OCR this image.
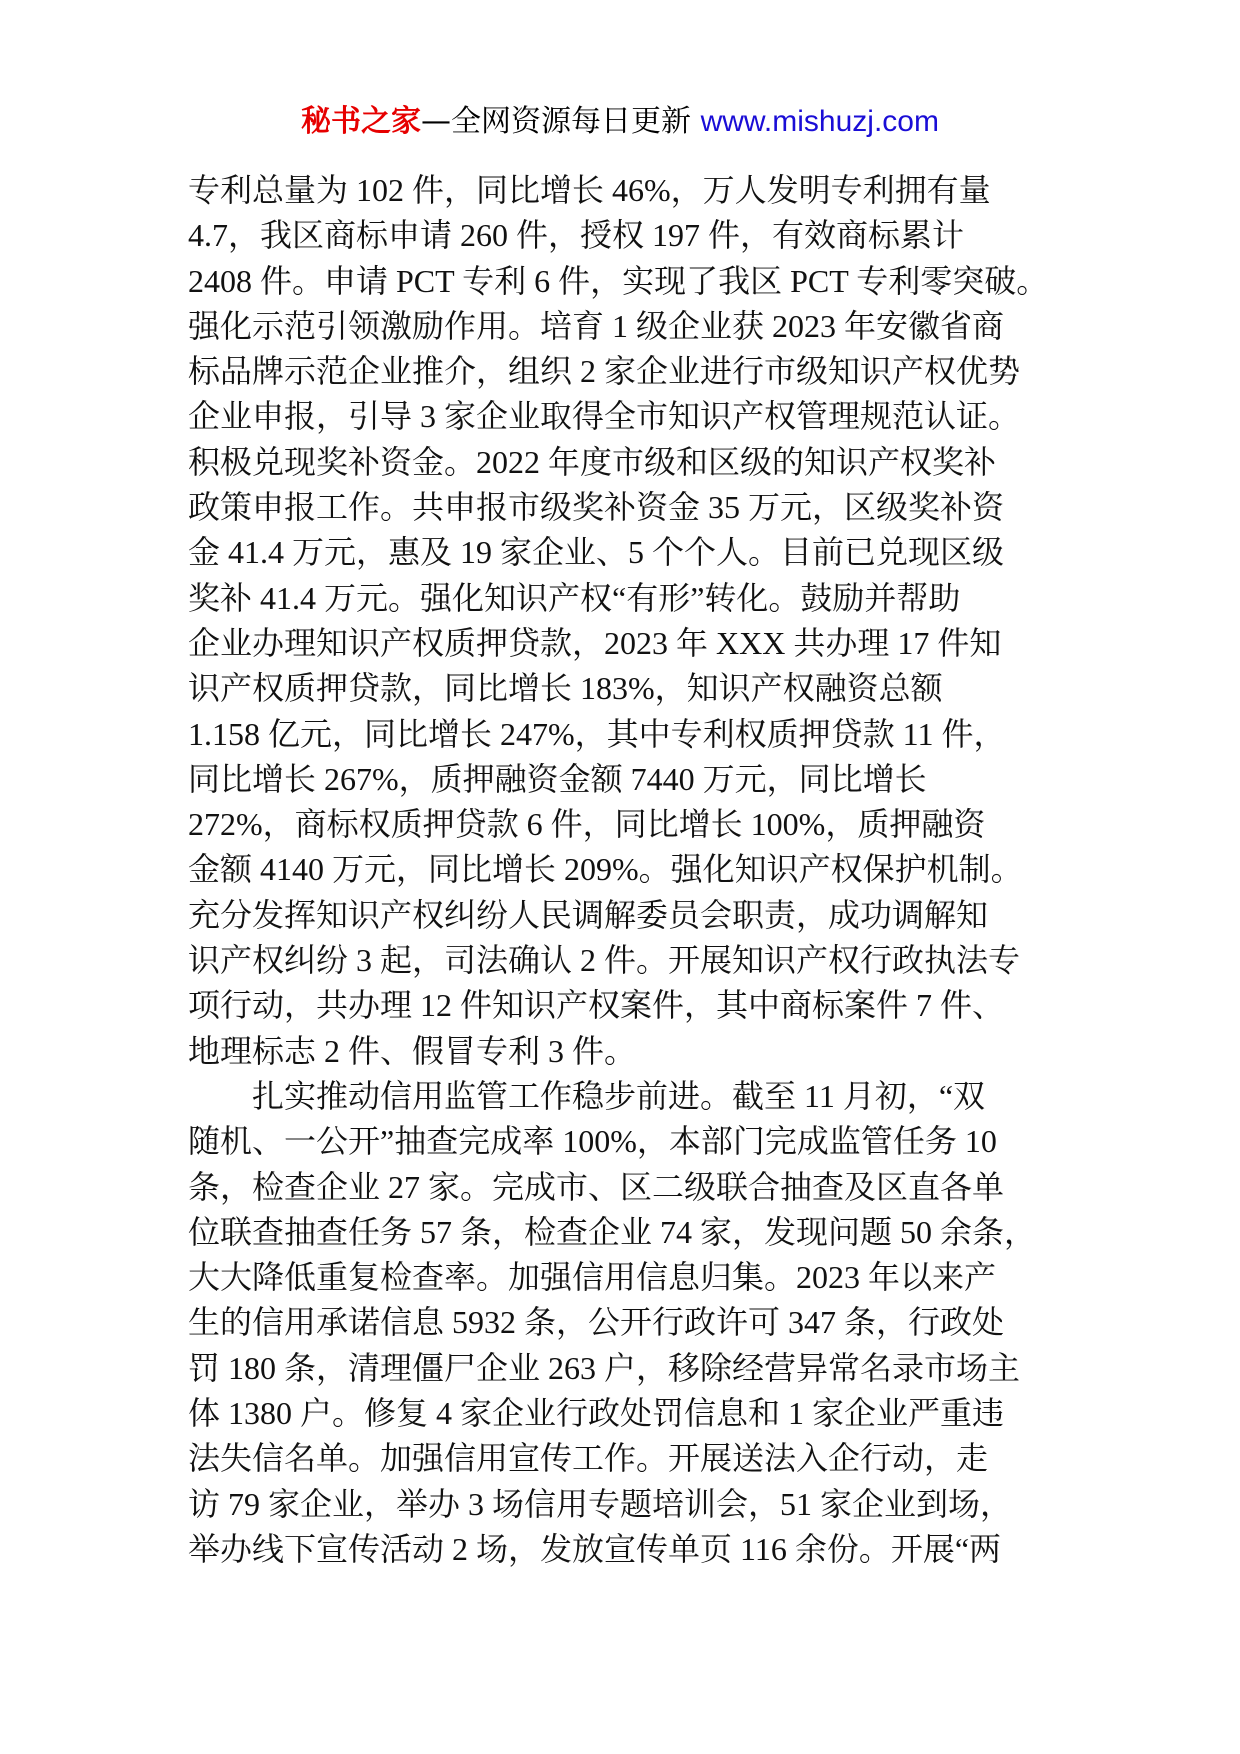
秘书之家—全网资源每日更新 www.mishuzj.com
专利总量为 102 件，同比增长 46%，万人发明专利拥有量
4.7，我区商标申请 260 件，授权 197 件，有效商标累计
2408 件。申请 PCT 专利 6 件，实现了我区 PCT 专利零突破。
强化示范引领激励作用。培育 1 级企业获 2023 年安徽省商
标品牌示范企业推介，组织 2 家企业进行市级知识产权优势
企业申报，引导 3 家企业取得全市知识产权管理规范认证。
积极兑现奖补资金。2022 年度市级和区级的知识产权奖补
政策申报工作。共申报市级奖补资金 35 万元，区级奖补资
金 41.4 万元，惠及 19 家企业、5 个个人。目前已兑现区级
奖补 41.4 万元。强化知识产权“有形”转化。鼓励并帮助
企业办理知识产权质押贷款，2023 年 XXX 共办理 17 件知
识产权质押贷款，同比增长 183%，知识产权融资总额
1.158 亿元，同比增长 247%，其中专利权质押贷款 11 件，
同比增长 267%，质押融资金额 7440 万元，同比增长
272%，商标权质押贷款 6 件，同比增长 100%，质押融资
金额 4140 万元，同比增长 209%。强化知识产权保护机制。
充分发挥知识产权纠纷人民调解委员会职责，成功调解知
识产权纠纷 3 起，司法确认 2 件。开展知识产权行政执法专
项行动，共办理 12 件知识产权案件，其中商标案件 7 件、
地理标志 2 件、假冒专利 3 件。
扎实推动信用监管工作稳步前进。截至 11 月初，“双
随机、一公开”抽查完成率 100%，本部门完成监管任务 10
条，检查企业 27 家。完成市、区二级联合抽查及区直各单
位联查抽查任务 57 条，检查企业 74 家，发现问题 50 余条，
大大降低重复检查率。加强信用信息归集。2023 年以来产
生的信用承诺信息 5932 条，公开行政许可 347 条，行政处
罚 180 条，清理僵尸企业 263 户，移除经营异常名录市场主
体 1380 户。修复 4 家企业行政处罚信息和 1 家企业严重违
法失信名单。加强信用宣传工作。开展送法入企行动，走
访 79 家企业，举办 3 场信用专题培训会，51 家企业到场，
举办线下宣传活动 2 场，发放宣传单页 116 余份。开展“两
